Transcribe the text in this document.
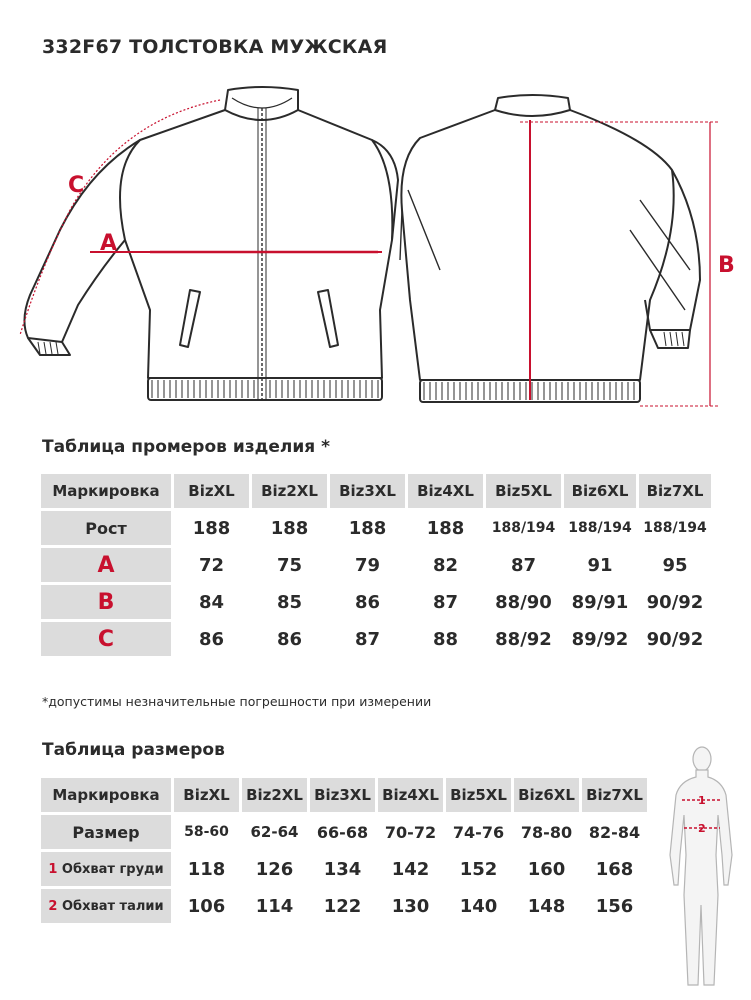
332F67 ТОЛСТОВКА МУЖСКАЯ
A
C
B
Таблица промеров изделия *
Маркировка	BizXL	Biz2XL	Biz3XL	Biz4XL	Biz5XL	Biz6XL	Biz7XL
Рост	188	188	188	188	188/194	188/194	188/194
A	72	75	79	82	87	91	95
B	84	85	86	87	88/90	89/91	90/92
C	86	86	87	88	88/92	89/92	90/92
*допустимы незначительные погрешности при измерении
Таблица размеров
Маркировка	BizXL	Biz2XL	Biz3XL	Biz4XL	Biz5XL	Biz6XL	Biz7XL
Размер	58-60	62-64	66-68	70-72	74-76	78-80	82-84
1 Обхват груди	118	126	134	142	152	160	168
2 Обхват талии	106	114	122	130	140	148	156
1
2
